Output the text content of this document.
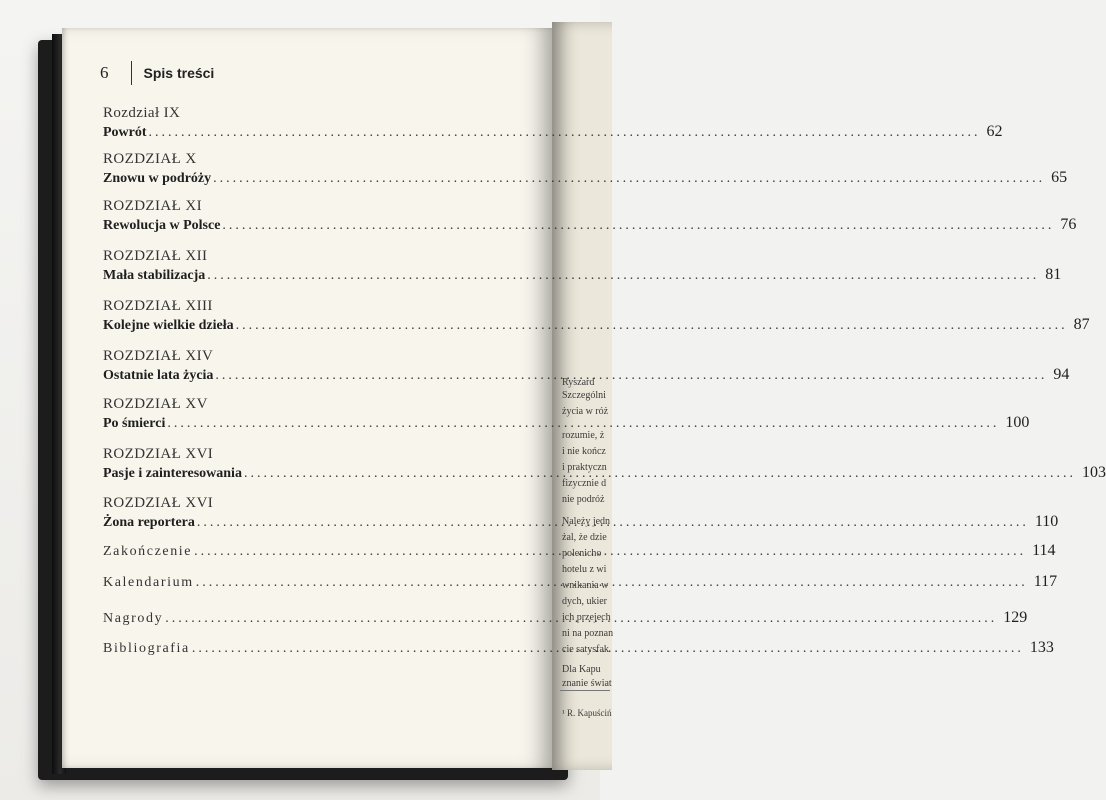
Ryszard
Szczególni
życia w róż
rozumie, ż
i nie kończ
i praktyczn
fizycznie d
nie podróż
Należy jedn
żal, że dzie
polenicho
hotelu z wi
wnikania w
dych, ukier
ich przejech
ni na poznan
cie satysfak
Dla Kapu
znanie świat
¹ R. Kapuściń
6	Spis treści
Rozdział IX
Powrót .....	62
ROZDZIAŁ X
Znowu w podróży .....	65
ROZDZIAŁ XI
Rewolucja w Polsce .....	76
ROZDZIAŁ XII
Mała stabilizacja .....	81
ROZDZIAŁ XIII
Kolejne wielkie dzieła .....	87
ROZDZIAŁ XIV
Ostatnie lata życia .....	94
ROZDZIAŁ XV
Po śmierci .....	100
ROZDZIAŁ XVI
Pasje i zainteresowania .....	103
ROZDZIAŁ XVI
Żona reportera .....	110
Zakończenie .....	114
Kalendarium .....	117
Nagrody .....	129
Bibliografia .....	133
